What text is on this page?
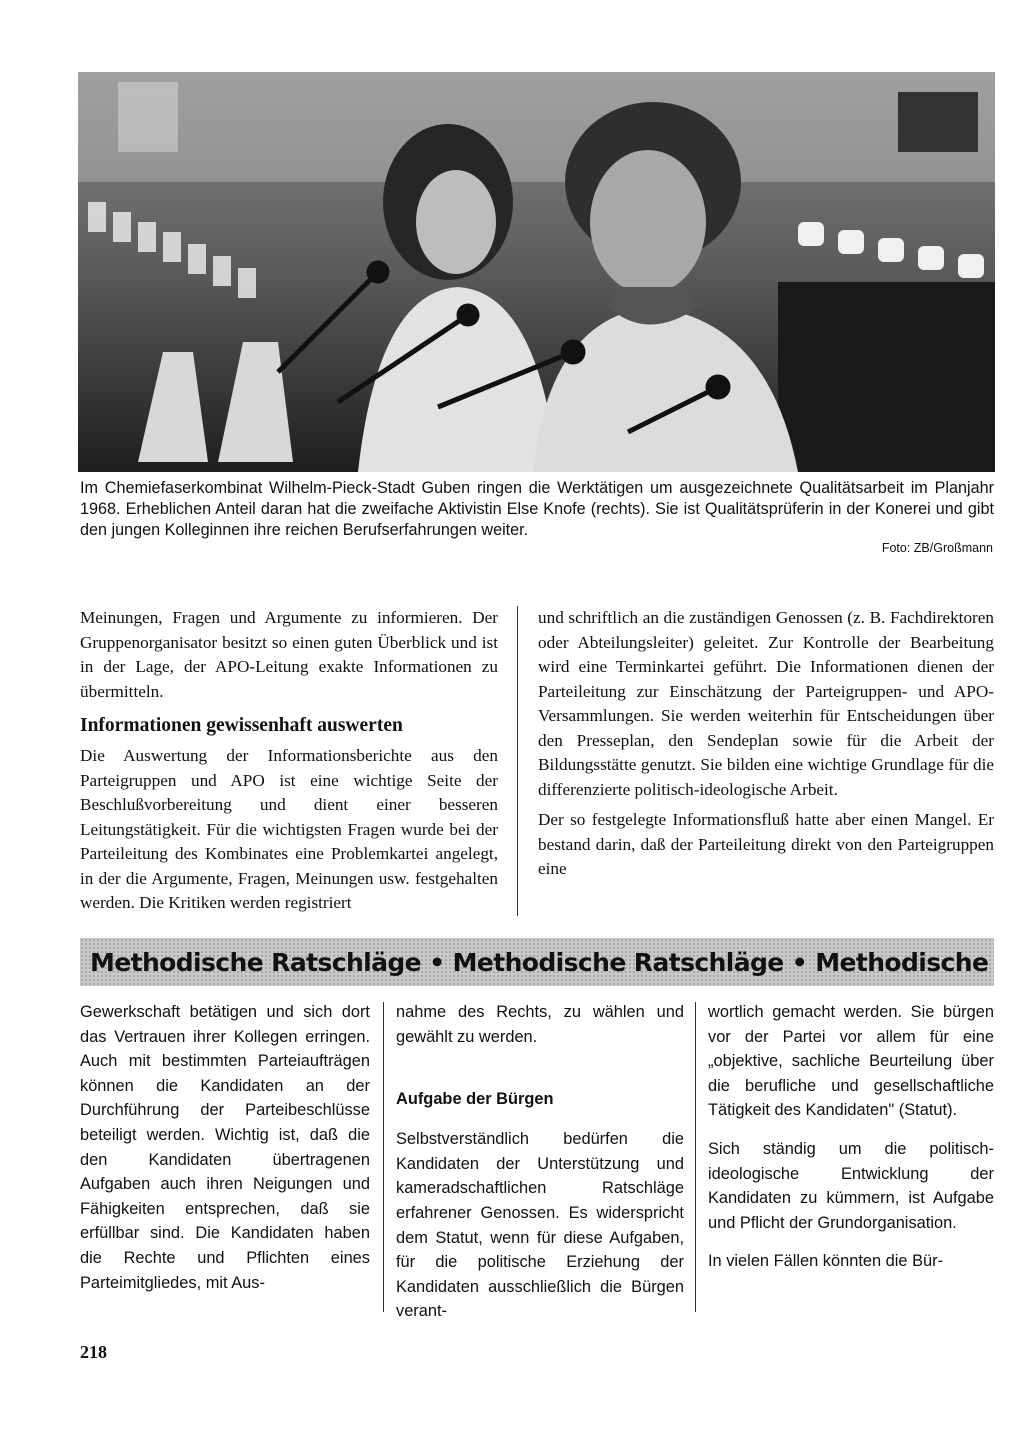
Im Chemiefaserkombinat Wilhelm-Pieck-Stadt Guben ringen die Werktätigen um ausgezeichnete Qualitätsarbeit im Planjahr 1968. Erheblichen Anteil daran hat die zweifache Aktivistin Else Knofe (rechts). Sie ist Qualitätsprüferin in der Konerei und gibt den jungen Kolleginnen ihre reichen Berufserfahrungen weiter.
Foto: ZB/Großmann

Meinungen, Fragen und Argumente zu informieren. Der Gruppenorganisator besitzt so einen guten Überblick und ist in der Lage, der APO-Leitung exakte Informationen zu übermitteln.

Informationen gewissenhaft auswerten

Die Auswertung der Informationsberichte aus den Parteigruppen und APO ist eine wichtige Seite der Beschlußvorbereitung und dient einer besseren Leitungstätigkeit. Für die wichtigsten Fragen wurde bei der Parteileitung des Kombinates eine Problemkartei angelegt, in der die Argumente, Fragen, Meinungen usw. festgehalten werden. Die Kritiken werden registriert

und schriftlich an die zuständigen Genossen (z. B. Fachdirektoren oder Abteilungsleiter) geleitet. Zur Kontrolle der Bearbeitung wird eine Terminkartei geführt. Die Informationen dienen der Parteileitung zur Einschätzung der Parteigruppen- und APO-Versammlungen. Sie werden weiterhin für Entscheidungen über den Presseplan, den Sendeplan sowie für die Arbeit der Bildungsstätte genutzt. Sie bilden eine wichtige Grundlage für die differenzierte politisch-ideologische Arbeit.

Der so festgelegte Informationsfluß hatte aber einen Mangel. Er bestand darin, daß der Parteileitung direkt von den Parteigruppen eine

Methodische Ratschläge • Methodische Ratschläge • Methodische

Gewerkschaft betätigen und sich dort das Vertrauen ihrer Kollegen erringen. Auch mit bestimmten Parteiaufträgen können die Kandidaten an der Durchführung der Parteibeschlüsse beteiligt werden. Wichtig ist, daß die den Kandidaten übertragenen Aufgaben auch ihren Neigungen und Fähigkeiten entsprechen, daß sie erfüllbar sind. Die Kandidaten haben die Rechte und Pflichten eines Parteimitgliedes, mit Aus-

nahme des Rechts, zu wählen und gewählt zu werden.

Aufgabe der Bürgen

Selbstverständlich bedürfen die Kandidaten der Unterstützung und kameradschaftlichen Ratschläge erfahrener Genossen. Es widerspricht dem Statut, wenn für diese Aufgaben, für die politische Erziehung der Kandidaten ausschließlich die Bürgen verant-

wortlich gemacht werden. Sie bürgen vor der Partei vor allem für eine „objektive, sachliche Beurteilung über die berufliche und gesellschaftliche Tätigkeit des Kandidaten" (Statut).

Sich ständig um die politisch-ideologische Entwicklung der Kandidaten zu kümmern, ist Aufgabe und Pflicht der Grundorganisation.

In vielen Fällen könnten die Bür-

218
